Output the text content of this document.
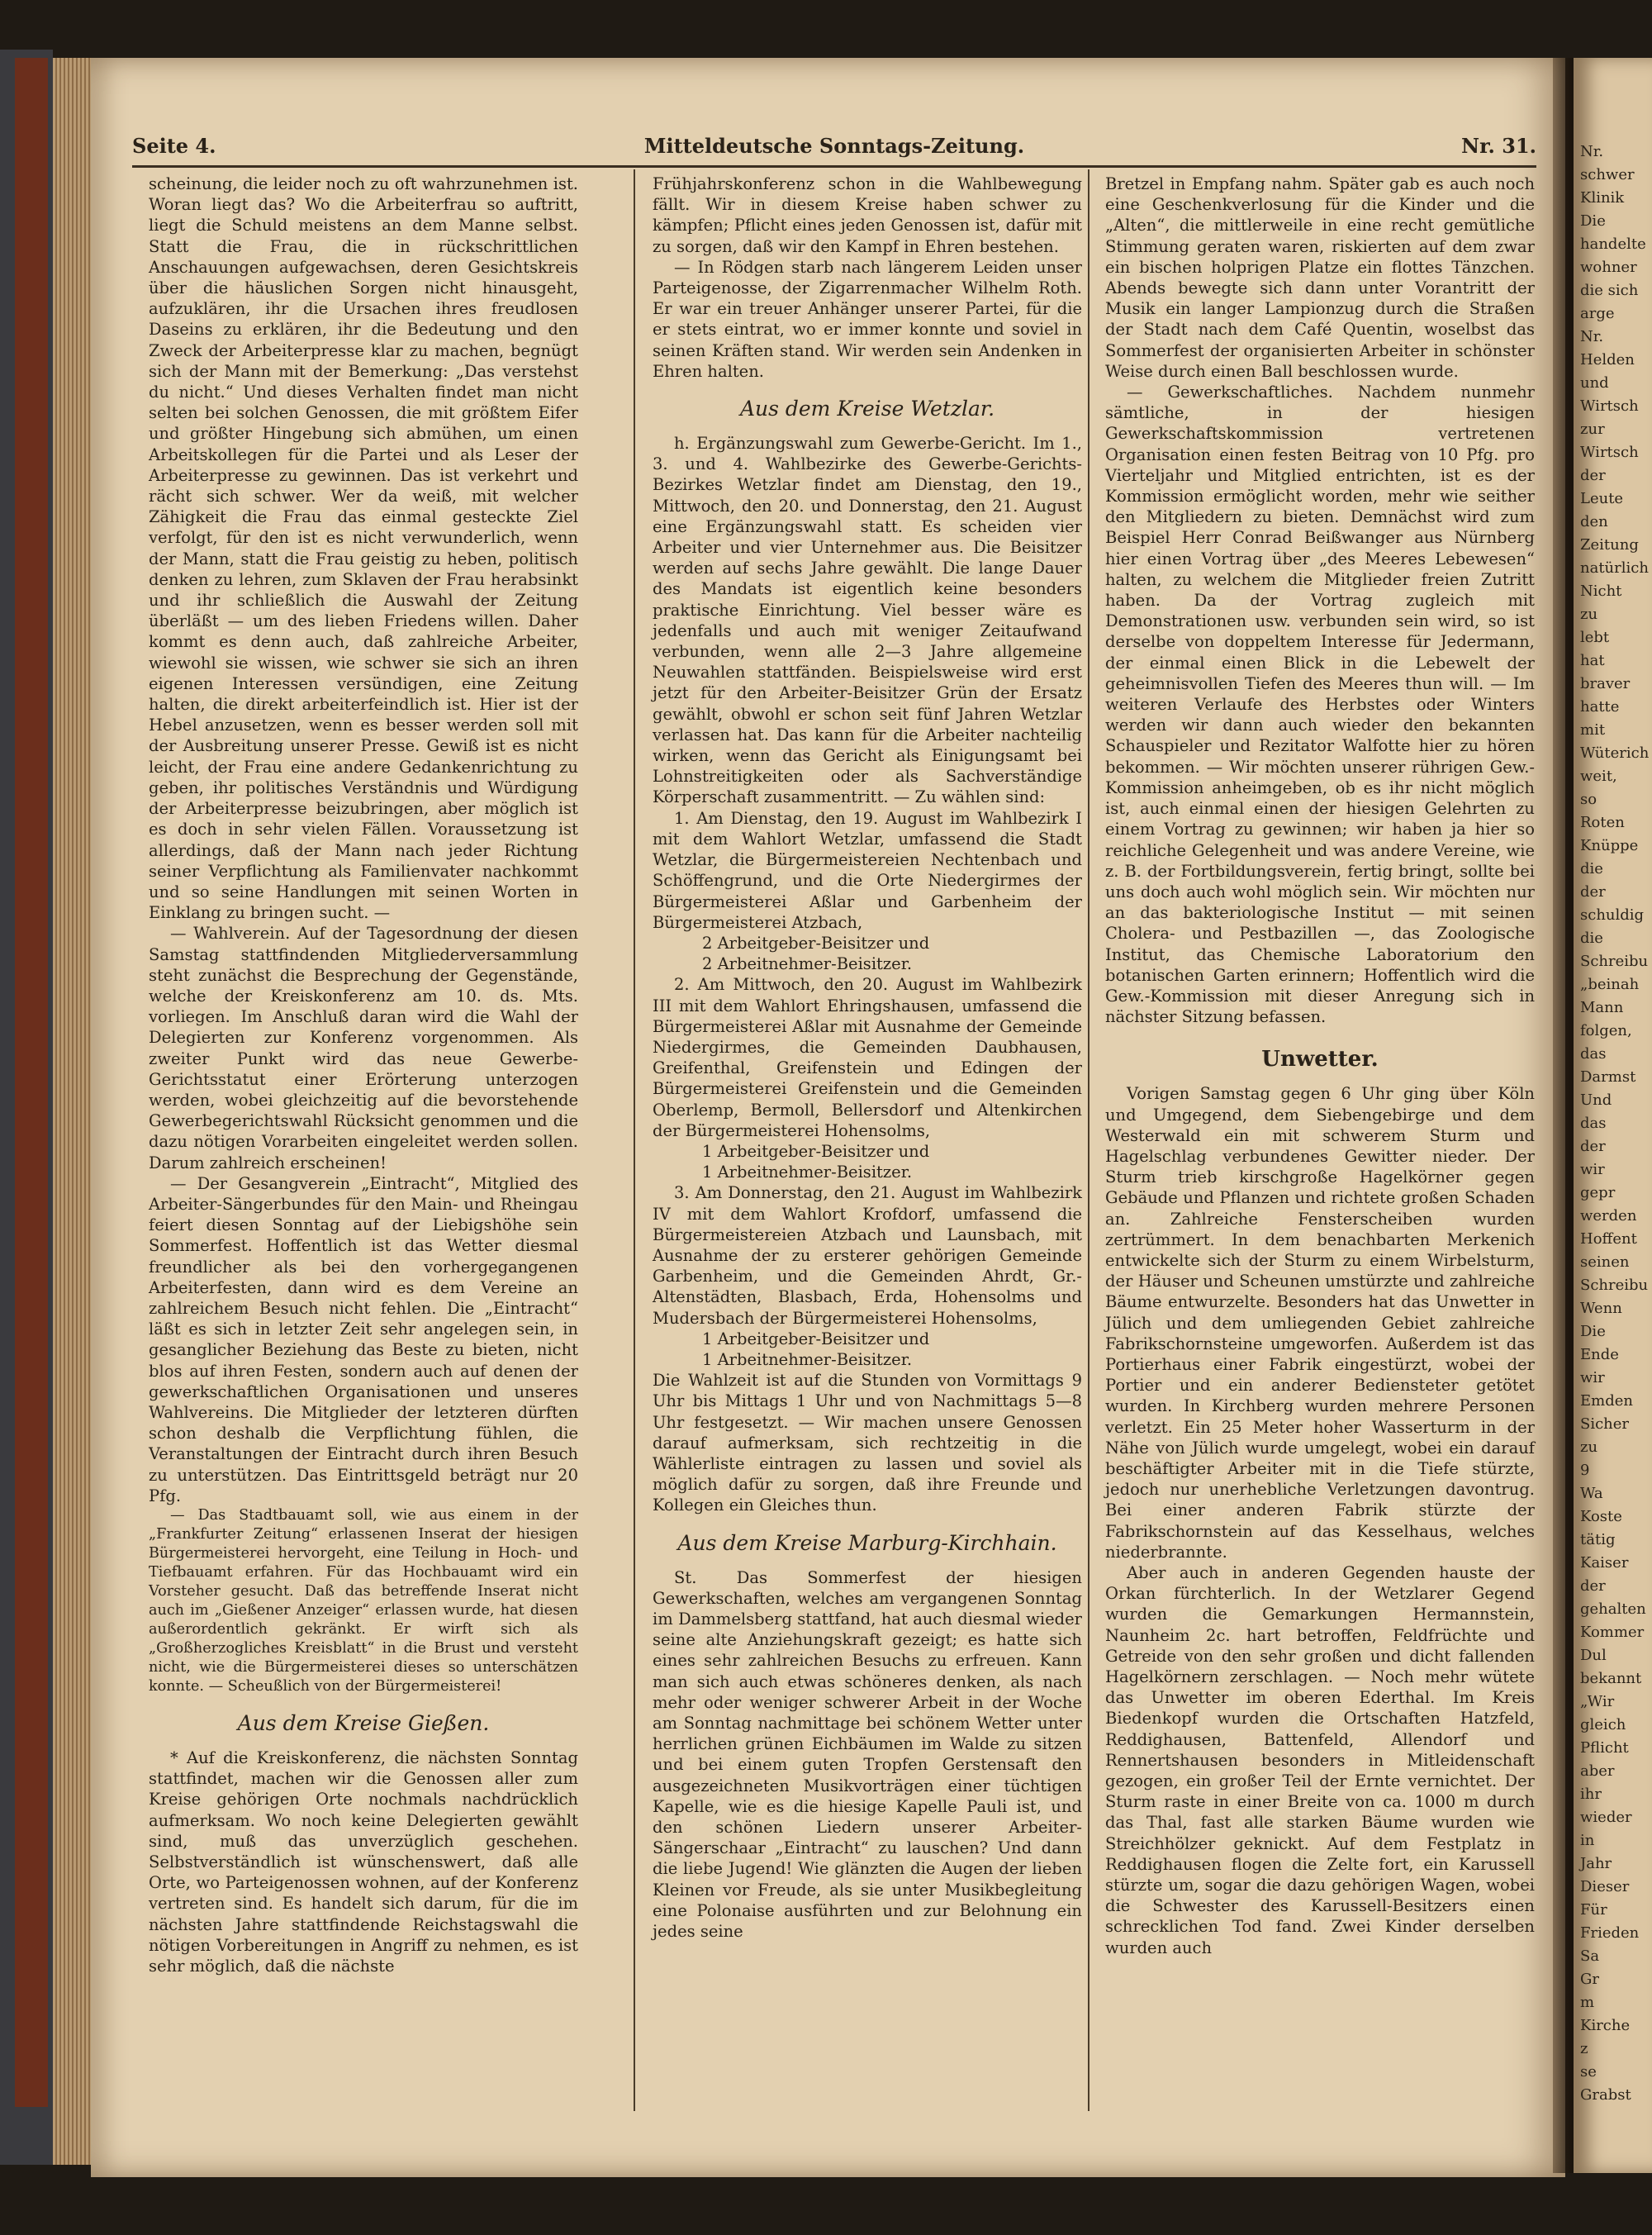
Nr.
schwer
Klinik
Die
handelte
wohner
die sich
arge
Nr.
Helden
und
Wirtsch
zur
Wirtsch
der
Leute
den
Zeitung
natürlich
Nicht
zu
lebt
hat
braver
hatte
mit
Wüterich
weit,
so
Roten
Knüppe
die
der
schuldig
die
Schreibu
„beinah
Mann
folgen,
das
Darmst
Und
das
der
wir
gepr
werden
Hoffent
seinen
Schreibu
Wenn
Die
Ende
wir
Emden
Sicher
zu
9
Wa
Koste
tätig
Kaiser
der
gehalten
Kommer
Dul
bekannt
„Wir
gleich
Pflicht
aber
ihr
wieder
in
Jahr
Dieser
Für
Frieden
Sa
Gr
m
Kirche
z
se
Grabst
Seite 4.	Mitteldeutsche Sonntags-Zeitung.	Nr. 31.

scheinung, die leider noch zu oft wahrzunehmen ist. Woran liegt das? Wo die Arbeiterfrau so auftritt, liegt die Schuld meistens an dem Manne selbst. Statt die Frau, die in rückschrittlichen Anschauungen aufgewachsen, deren Gesichtskreis über die häuslichen Sorgen nicht hinausgeht, aufzuklären, ihr die Ursachen ihres freudlosen Daseins zu erklären, ihr die Bedeutung und den Zweck der Arbeiterpresse klar zu machen, begnügt sich der Mann mit der Bemerkung: „Das verstehst du nicht.“ Und dieses Verhalten findet man nicht selten bei solchen Genossen, die mit größtem Eifer und größter Hingebung sich abmühen, um einen Arbeitskollegen für die Partei und als Leser der Arbeiterpresse zu gewinnen. Das ist verkehrt und rächt sich schwer. Wer da weiß, mit welcher Zähigkeit die Frau das einmal gesteckte Ziel verfolgt, für den ist es nicht verwunderlich, wenn der Mann, statt die Frau geistig zu heben, politisch denken zu lehren, zum Sklaven der Frau herabsinkt und ihr schließlich die Auswahl der Zeitung überläßt — um des lieben Friedens willen. Daher kommt es denn auch, daß zahlreiche Arbeiter, wiewohl sie wissen, wie schwer sie sich an ihren eigenen Interessen versündigen, eine Zeitung halten, die direkt arbeiterfeindlich ist. Hier ist der Hebel anzusetzen, wenn es besser werden soll mit der Ausbreitung unserer Presse. Gewiß ist es nicht leicht, der Frau eine andere Gedankenrichtung zu geben, ihr politisches Verständnis und Würdigung der Arbeiterpresse beizubringen, aber möglich ist es doch in sehr vielen Fällen. Voraussetzung ist allerdings, daß der Mann nach jeder Richtung seiner Verpflichtung als Familienvater nachkommt und so seine Handlungen mit seinen Worten in Einklang zu bringen sucht. —

— Wahlverein. Auf der Tagesordnung der diesen Samstag stattfindenden Mitgliederversammlung steht zunächst die Besprechung der Gegenstände, welche der Kreiskonferenz am 10. ds. Mts. vorliegen. Im Anschluß daran wird die Wahl der Delegierten zur Konferenz vorgenommen. Als zweiter Punkt wird das neue Gewerbe-Gerichtsstatut einer Erörterung unterzogen werden, wobei gleichzeitig auf die bevorstehende Gewerbegerichtswahl Rücksicht genommen und die dazu nötigen Vorarbeiten eingeleitet werden sollen. Darum zahlreich erscheinen!

— Der Gesangverein „Eintracht“, Mitglied des Arbeiter-Sängerbundes für den Main- und Rheingau feiert diesen Sonntag auf der Liebigshöhe sein Sommerfest. Hoffentlich ist das Wetter diesmal freundlicher als bei den vorhergegangenen Arbeiterfesten, dann wird es dem Vereine an zahlreichem Besuch nicht fehlen. Die „Eintracht“ läßt es sich in letzter Zeit sehr angelegen sein, in gesanglicher Beziehung das Beste zu bieten, nicht blos auf ihren Festen, sondern auch auf denen der gewerkschaftlichen Organisationen und unseres Wahlvereins. Die Mitglieder der letzteren dürften schon deshalb die Verpflichtung fühlen, die Veranstaltungen der Eintracht durch ihren Besuch zu unterstützen. Das Eintrittsgeld beträgt nur 20 Pfg.

— Das Stadtbauamt soll, wie aus einem in der „Frankfurter Zeitung“ erlassenen Inserat der hiesigen Bürgermeisterei hervorgeht, eine Teilung in Hoch- und Tiefbauamt erfahren. Für das Hochbauamt wird ein Vorsteher gesucht. Daß das betreffende Inserat nicht auch im „Gießener Anzeiger“ erlassen wurde, hat diesen außerordentlich gekränkt. Er wirft sich als „Großherzogliches Kreisblatt“ in die Brust und versteht nicht, wie die Bürgermeisterei dieses so unterschätzen konnte. — Scheußlich von der Bürgermeisterei!

Aus dem Kreise Gießen.

* Auf die Kreiskonferenz, die nächsten Sonntag stattfindet, machen wir die Genossen aller zum Kreise gehörigen Orte nochmals nachdrücklich aufmerksam. Wo noch keine Delegierten gewählt sind, muß das unverzüglich geschehen. Selbstverständlich ist wünschenswert, daß alle Orte, wo Parteigenossen wohnen, auf der Konferenz vertreten sind. Es handelt sich darum, für die im nächsten Jahre stattfindende Reichstagswahl die nötigen Vorbereitungen in Angriff zu nehmen, es ist sehr möglich, daß die nächste

Frühjahrskonferenz schon in die Wahlbewegung fällt. Wir in diesem Kreise haben schwer zu kämpfen; Pflicht eines jeden Genossen ist, dafür mit zu sorgen, daß wir den Kampf in Ehren bestehen.

— In Rödgen starb nach längerem Leiden unser Parteigenosse, der Zigarrenmacher Wilhelm Roth. Er war ein treuer Anhänger unserer Partei, für die er stets eintrat, wo er immer konnte und soviel in seinen Kräften stand. Wir werden sein Andenken in Ehren halten.

Aus dem Kreise Wetzlar.

h. Ergänzungswahl zum Gewerbe-Gericht. Im 1., 3. und 4. Wahlbezirke des Gewerbe-Gerichts-Bezirkes Wetzlar findet am Dienstag, den 19., Mittwoch, den 20. und Donnerstag, den 21. August eine Ergänzungswahl statt. Es scheiden vier Arbeiter und vier Unternehmer aus. Die Beisitzer werden auf sechs Jahre gewählt. Die lange Dauer des Mandats ist eigentlich keine besonders praktische Einrichtung. Viel besser wäre es jedenfalls und auch mit weniger Zeitaufwand verbunden, wenn alle 2—3 Jahre allgemeine Neuwahlen stattfänden. Beispielsweise wird erst jetzt für den Arbeiter-Beisitzer Grün der Ersatz gewählt, obwohl er schon seit fünf Jahren Wetzlar verlassen hat. Das kann für die Arbeiter nachteilig wirken, wenn das Gericht als Einigungsamt bei Lohnstreitigkeiten oder als Sachverständige Körperschaft zusammentritt. — Zu wählen sind:

1. Am Dienstag, den 19. August im Wahlbezirk I mit dem Wahlort Wetzlar, umfassend die Stadt Wetzlar, die Bürgermeistereien Nechtenbach und Schöffengrund, und die Orte Niedergirmes der Bürgermeisterei Aßlar und Garbenheim der Bürgermeisterei Atzbach,

2 Arbeitgeber-Beisitzer und

2 Arbeitnehmer-Beisitzer.

2. Am Mittwoch, den 20. August im Wahlbezirk III mit dem Wahlort Ehringshausen, umfassend die Bürgermeisterei Aßlar mit Ausnahme der Gemeinde Niedergirmes, die Gemeinden Daubhausen, Greifenthal, Greifenstein und Edingen der Bürgermeisterei Greifenstein und die Gemeinden Oberlemp, Bermoll, Bellersdorf und Altenkirchen der Bürgermeisterei Hohensolms,

1 Arbeitgeber-Beisitzer und

1 Arbeitnehmer-Beisitzer.

3. Am Donnerstag, den 21. August im Wahlbezirk IV mit dem Wahlort Krofdorf, umfassend die Bürgermeistereien Atzbach und Launsbach, mit Ausnahme der zu ersterer gehörigen Gemeinde Garbenheim, und die Gemeinden Ahrdt, Gr.-Altenstädten, Blasbach, Erda, Hohensolms und Mudersbach der Bürgermeisterei Hohensolms,

1 Arbeitgeber-Beisitzer und

1 Arbeitnehmer-Beisitzer.

Die Wahlzeit ist auf die Stunden von Vormittags 9 Uhr bis Mittags 1 Uhr und von Nachmittags 5—8 Uhr festgesetzt. — Wir machen unsere Genossen darauf aufmerksam, sich rechtzeitig in die Wählerliste eintragen zu lassen und soviel als möglich dafür zu sorgen, daß ihre Freunde und Kollegen ein Gleiches thun.

Aus dem Kreise Marburg-Kirchhain.

St. Das Sommerfest der hiesigen Gewerkschaften, welches am vergangenen Sonntag im Dammelsberg stattfand, hat auch diesmal wieder seine alte Anziehungskraft gezeigt; es hatte sich eines sehr zahlreichen Besuchs zu erfreuen. Kann man sich auch etwas schöneres denken, als nach mehr oder weniger schwerer Arbeit in der Woche am Sonntag nachmittage bei schönem Wetter unter herrlichen grünen Eichbäumen im Walde zu sitzen und bei einem guten Tropfen Gerstensaft den ausgezeichneten Musikvorträgen einer tüchtigen Kapelle, wie es die hiesige Kapelle Pauli ist, und den schönen Liedern unserer Arbeiter-Sängerschaar „Eintracht“ zu lauschen? Und dann die liebe Jugend! Wie glänzten die Augen der lieben Kleinen vor Freude, als sie unter Musikbegleitung eine Polonaise ausführten und zur Belohnung ein jedes seine

Bretzel in Empfang nahm. Später gab es auch noch eine Geschenkverlosung für die Kinder und die „Alten“, die mittlerweile in eine recht gemütliche Stimmung geraten waren, riskierten auf dem zwar ein bischen holprigen Platze ein flottes Tänzchen. Abends bewegte sich dann unter Vorantritt der Musik ein langer Lampionzug durch die Straßen der Stadt nach dem Café Quentin, woselbst das Sommerfest der organisierten Arbeiter in schönster Weise durch einen Ball beschlossen wurde.

— Gewerkschaftliches. Nachdem nunmehr sämtliche, in der hiesigen Gewerkschaftskommission vertretenen Organisation einen festen Beitrag von 10 Pfg. pro Vierteljahr und Mitglied entrichten, ist es der Kommission ermöglicht worden, mehr wie seither den Mitgliedern zu bieten. Demnächst wird zum Beispiel Herr Conrad Beißwanger aus Nürnberg hier einen Vortrag über „des Meeres Lebewesen“ halten, zu welchem die Mitglieder freien Zutritt haben. Da der Vortrag zugleich mit Demonstrationen usw. verbunden sein wird, so ist derselbe von doppeltem Interesse für Jedermann, der einmal einen Blick in die Lebewelt der geheimnisvollen Tiefen des Meeres thun will. — Im weiteren Verlaufe des Herbstes oder Winters werden wir dann auch wieder den bekannten Schauspieler und Rezitator Walfotte hier zu hören bekommen. — Wir möchten unserer rührigen Gew.-Kommission anheimgeben, ob es ihr nicht möglich ist, auch einmal einen der hiesigen Gelehrten zu einem Vortrag zu gewinnen; wir haben ja hier so reichliche Gelegenheit und was andere Vereine, wie z. B. der Fortbildungsverein, fertig bringt, sollte bei uns doch auch wohl möglich sein. Wir möchten nur an das bakteriologische Institut — mit seinen Cholera- und Pestbazillen —, das Zoologische Institut, das Chemische Laboratorium den botanischen Garten erinnern; Hoffentlich wird die Gew.-Kommission mit dieser Anregung sich in nächster Sitzung befassen.

Unwetter.

Vorigen Samstag gegen 6 Uhr ging über Köln und Umgegend, dem Siebengebirge und dem Westerwald ein mit schwerem Sturm und Hagelschlag verbundenes Gewitter nieder. Der Sturm trieb kirschgroße Hagelkörner gegen Gebäude und Pflanzen und richtete großen Schaden an. Zahlreiche Fensterscheiben wurden zertrümmert. In dem benachbarten Merkenich entwickelte sich der Sturm zu einem Wirbelsturm, der Häuser und Scheunen umstürzte und zahlreiche Bäume entwurzelte. Besonders hat das Unwetter in Jülich und dem umliegenden Gebiet zahlreiche Fabrikschornsteine umgeworfen. Außerdem ist das Portierhaus einer Fabrik eingestürzt, wobei der Portier und ein anderer Bediensteter getötet wurden. In Kirchberg wurden mehrere Personen verletzt. Ein 25 Meter hoher Wasserturm in der Nähe von Jülich wurde umgelegt, wobei ein darauf beschäftigter Arbeiter mit in die Tiefe stürzte, jedoch nur unerhebliche Verletzungen davontrug. Bei einer anderen Fabrik stürzte der Fabrikschornstein auf das Kesselhaus, welches niederbrannte.

Aber auch in anderen Gegenden hauste der Orkan fürchterlich. In der Wetzlarer Gegend wurden die Gemarkungen Hermannstein, Naunheim 2c. hart betroffen, Feldfrüchte und Getreide von den sehr großen und dicht fallenden Hagelkörnern zerschlagen. — Noch mehr wütete das Unwetter im oberen Ederthal. Im Kreis Biedenkopf wurden die Ortschaften Hatzfeld, Reddighausen, Battenfeld, Allendorf und Rennertshausen besonders in Mitleidenschaft gezogen, ein großer Teil der Ernte vernichtet. Der Sturm raste in einer Breite von ca. 1000 m durch das Thal, fast alle starken Bäume wurden wie Streichhölzer geknickt. Auf dem Festplatz in Reddighausen flogen die Zelte fort, ein Karussell stürzte um, sogar die dazu gehörigen Wagen, wobei die Schwester des Karussell-Besitzers einen schrecklichen Tod fand. Zwei Kinder derselben wurden auch
